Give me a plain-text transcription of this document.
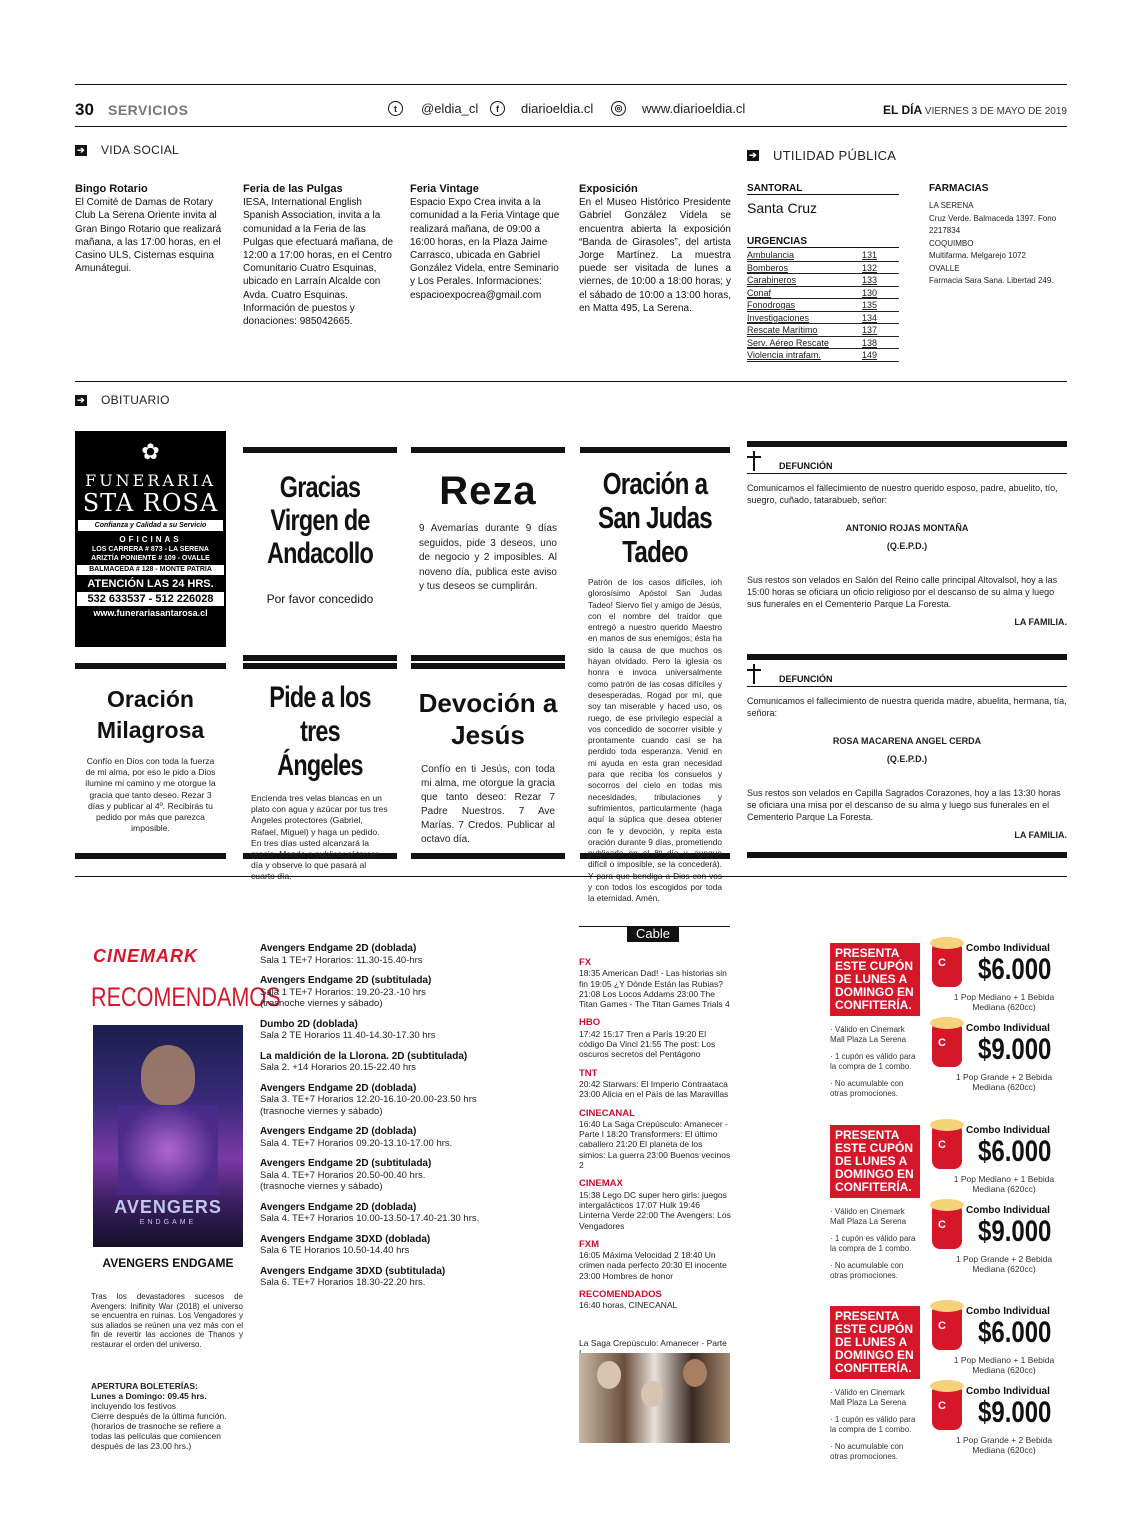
30 SERVICIOS	t	@eldia_cl	f	diarioeldia.cl	◎ www.diarioeldia.cl	EL DÍA VIERNES 3 DE MAYO DE 2019
➔ VIDA SOCIAL
Bingo Rotario
El Comité de Damas de Rotary Club La Serena Oriente invita al Gran Bingo Rotario que realizará mañana, a las 17:00 horas, en el Casino ULS, Cisternas esquina Amunátegui.
Feria de las Pulgas
IESA, International English Spanish Association, invita a la comunidad a la Feria de las Pulgas que efectuará mañana, de 12:00 a 17:00 horas, en el Centro Comunitario Cuatro Esquinas, ubicado en Larraín Alcalde con Avda. Cuatro Esquinas. Información de puestos y donaciones: 985042665.
Feria Vintage
Espacio Expo Crea invita a la comunidad a la Feria Vintage que realizará mañana, de 09:00 a 16:00 horas, en la Plaza Jaime Carrasco, ubicada en Gabriel González Videla, entre Seminario y Los Perales. Informaciones: espacioexpocrea@gmail.com
Exposición
En el Museo Histórico Presidente Gabriel González Videla se encuentra abierta la exposición “Banda de Girasoles”, del artista Jorge Martínez. La muestra puede ser visitada de lunes a viernes, de 10:00 a 18:00 horas; y el sábado de 10:00 a 13:00 horas, en Matta 495, La Serena.
➔ UTILIDAD PÚBLICA
SANTORAL
Santa Cruz
URGENCIAS
Ambulancia	131
Bomberos	132
Carabineros	133
Conaf	130
Fonodrogas	135
Investigaciones	134
Rescate Marítimo	137
Serv. Aéreo Rescate	138
Violencia intrafam.	149
FARMACIAS
LA SERENA
Cruz Verde. Balmaceda 1397. Fono 2217834
COQUIMBO
Multifarma. Melgarejo 1072
OVALLE
Farmacia Sara Sana. Libertad 249.
➔ OBITUARIO
✿
FUNERARIA
STA ROSA
Confianza y Calidad a su Servicio
OFICINAS
LOS CARRERA # 873 - LA SERENA
ARIZTÍA PONIENTE # 109 - OVALLE
BALMACEDA # 128 - MONTE PATRIA
ATENCIÓN LAS 24 HRS.
532 633537 - 512 226028
www.funerariasantarosa.cl
Gracias Virgen de Andacollo
Por favor concedido
Reza
9 Avemarías durante 9 días seguidos, pide 3 deseos, uno de negocio y 2 imposibles. Al noveno día, publica este aviso y tus deseos se cumplirán.
Oración a San Judas Tadeo
Patrón de los casos difíciles, ioh glorosísimo Apóstol San Judas Tadeo! Siervo fiel y amigo de Jesús, con el nombre del traidor que entregó a nuestro querido Maestro en manos de sus enemigos; ésta ha sido la causa de que muchos os hayan olvidado. Pero la iglesia os honra e invoca universalmente como patrón de las cosas difíciles y desesperadas. Rogad por mí, que soy tan miserable y haced uso, os ruego, de ese privilegio especial a vos concedido de socorrer visible y prontamente cuando casi se ha perdido toda esperanza. Venid en mi ayuda en esta gran necesidad para que reciba los consuelos y socorros del cielo en todas mis necesidades, tribulaciones y sufrimientos, particularmente (haga aquí la súplica que desea obtener con fe y devoción, y repita esta oración durante 9 días, prometiendo publicarla en el 8º día y, aunque difícil o imposible, se la concederá). y con todos los escogidos por toda la eternidad. Amén.
Oración Milagrosa
Confío en Dios con toda la fuerza de mi alma, por eso le pido a Dios ilumine mi camino y me otorgue la gracia que tanto deseo. Rezar 3 días y publicar al 4º. Recibirás tu pedido por más que parezca imposible.
Pide a los tres Ángeles
Encienda tres velas blancas en un plato con agua y azúcar por tus tres Ángeles protectores (Gabriel, Rafael, Miguel) y haga un pedido. En tres días usted alcanzará la gracia. Mande a publicar al tercer día y observe lo que pasará al
Devoción a Jesús
Confío en ti Jesús, con toda mi alma, me otorgue la gracia que tanto deseo: Rezar 7 Padre Nuestros. 7 Ave Marías. 7 Credos. Publicar al octavo día.
DEFUNCIÓN
Comunicamos el fallecimiento de nuestro querido esposo, padre, abuelito, tío, suegro, cuñado, tatarabueb, señor:
ANTONIO ROJAS MONTAÑA
(Q.E.P.D.)
Sus restos son velados en Salón del Reino calle principal Altovalsol, hoy a las 15:00 horas se oficiara un oficio religioso por el descanso de su alma y luego sus funerales en el Cementerio Parque La Foresta.
LA FAMILIA.
DEFUNCIÓN
Comunicamos el fallecimiento de nuestra querida madre, abuelita, hermana, tía, señora:
ROSA MACARENA ANGEL CERDA
(Q.E.P.D.)
Sus restos son velados en Capilla Sagrados Corazones, hoy a las 13:30 horas se oficiara una misa por el descanso de su alma y luego sus funerales en el Cementerio Parque La Foresta.
LA FAMILIA.
CINEMARK
RECOMENDAMOS
AVENGERS
ENDGAME
AVENGERS ENDGAME
Tras los devastadores sucesos de Avengers: Inifinity War (2018) el universo se encuentra en ruinas. Los Vengadores y sus aliados se reúnen una vez más con el fin de revertir las acciones de Thanos y restaurar el orden del universo.
APERTURA BOLETERÍAS:
Lunes a Domingo: 09.45 hrs.
incluyendo los festivos
Cierre después de la última función.
(horarios de trasnoche se refiere a todas las películas que comiencen después de las 23.00 hrs.)
Avengers Endgame 2D (doblada)
Sala 1 TE+7 Horarios: 11.30-15.40-hrs
Avengers Endgame 2D (subtitulada)
Sala 1 TE+7 Horarios: 19.20-23.-10 hrs
(trasnoche viernes y sábado)
Dumbo 2D (doblada)
Sala 2 TE Horarios 11.40-14.30-17.30 hrs
La maldición de la Llorona. 2D (subtitulada)
Sala 2. +14 Horarios 20.15-22.40 hrs
Avengers Endgame 2D (doblada)
Sala 3. TE+7 Horarios 12.20-16.10-20.00-23.50 hrs
(trasnoche viernes y sábado)
Avengers Endgame 2D (doblada)
Sala 4. TE+7 Horarios 09.20-13.10-17.00 hrs.
Avengers Endgame 2D (subtitulada)
Sala 4. TE+7 Horarios 20.50-00.40 hrs.
(trasnoche viernes y sábado)
Avengers Endgame 2D (doblada)
Sala 4. TE+7 Horarios 10.00-13.50-17.40-21.30 hrs.
Avengers Endgame 3DXD (doblada)
Sala 6 TE Horarios 10.50-14.40 hrs
Avengers Endgame 3DXD (subtitulada)
Sala 6. TE+7 Horarios 18.30-22.20 hrs.
Cable
FX
18:35 American Dad! - Las historias sin fin 19:05 ¿Y Dónde Están las Rubias? 21:08 Los Locos Addams 23:00 The Titan Games - The Titan Games Trials 4
HBO
17:42 15:17 Tren a París 19:20 El código Da Vinci 21:55 The post: Los oscuros secretos del Pentágono
TNT
20:42 Starwars: El Imperio Contraataca 23:00 Alicia en el País de las Maravillas
CINECANAL
16:40 La Saga Crepúsculo: Amanecer - Parte I 18:20 Transformers: El último caballero 21:20 El planeta de los simios: La guerra 23:00 Buenos vecinos 2
CINEMAX
15:38 Lego DC super hero girls: juegos intergalácticos 17:07 Hulk 19:46 Linterna Verde 22:00 The Avengers: Los Vengadores
FXM
16:05 Máxima Velocidad 2 18:40 Un crimen nada perfecto 20:30 El inocente 23:00 Hombres de honor
RECOMENDADOS
16:40 horas, CINECANAL
La Saga Crepúsculo: Amanecer - Parte
PRESENTA ESTE CUPÓN DE LUNES A DOMINGO EN CONFITERÍA.
· Válido en Cinemark Mall Plaza La Serena
· 1 cupón es válido para la compra de 1 combo.
· No acumulable con otras promociones.
C
Combo Individual
$6.000
1 Pop Mediano + 1 Bebida Mediana (620cc)
C
Combo Individual
$9.000
1 Pop Grande + 2 Bebida Mediana (620cc)
PRESENTA ESTE CUPÓN DE LUNES A DOMINGO EN CONFITERÍA.
· Válido en Cinemark Mall Plaza La Serena
· 1 cupón es válido para la compra de 1 combo.
· No acumulable con otras promociones.
C
Combo Individual
$6.000
1 Pop Mediano + 1 Bebida Mediana (620cc)
C
Combo Individual
$9.000
1 Pop Grande + 2 Bebida Mediana (620cc)
PRESENTA ESTE CUPÓN DE LUNES A DOMINGO EN CONFITERÍA.
· Válido en Cinemark Mall Plaza La Serena
· 1 cupón es válido para la compra de 1 combo.
· No acumulable con otras promociones.
C
Combo Individual
$6.000
1 Pop Mediano + 1 Bebida Mediana (620cc)
C
Combo Individual
$9.000
1 Pop Grande + 2 Bebida Mediana (620cc)
